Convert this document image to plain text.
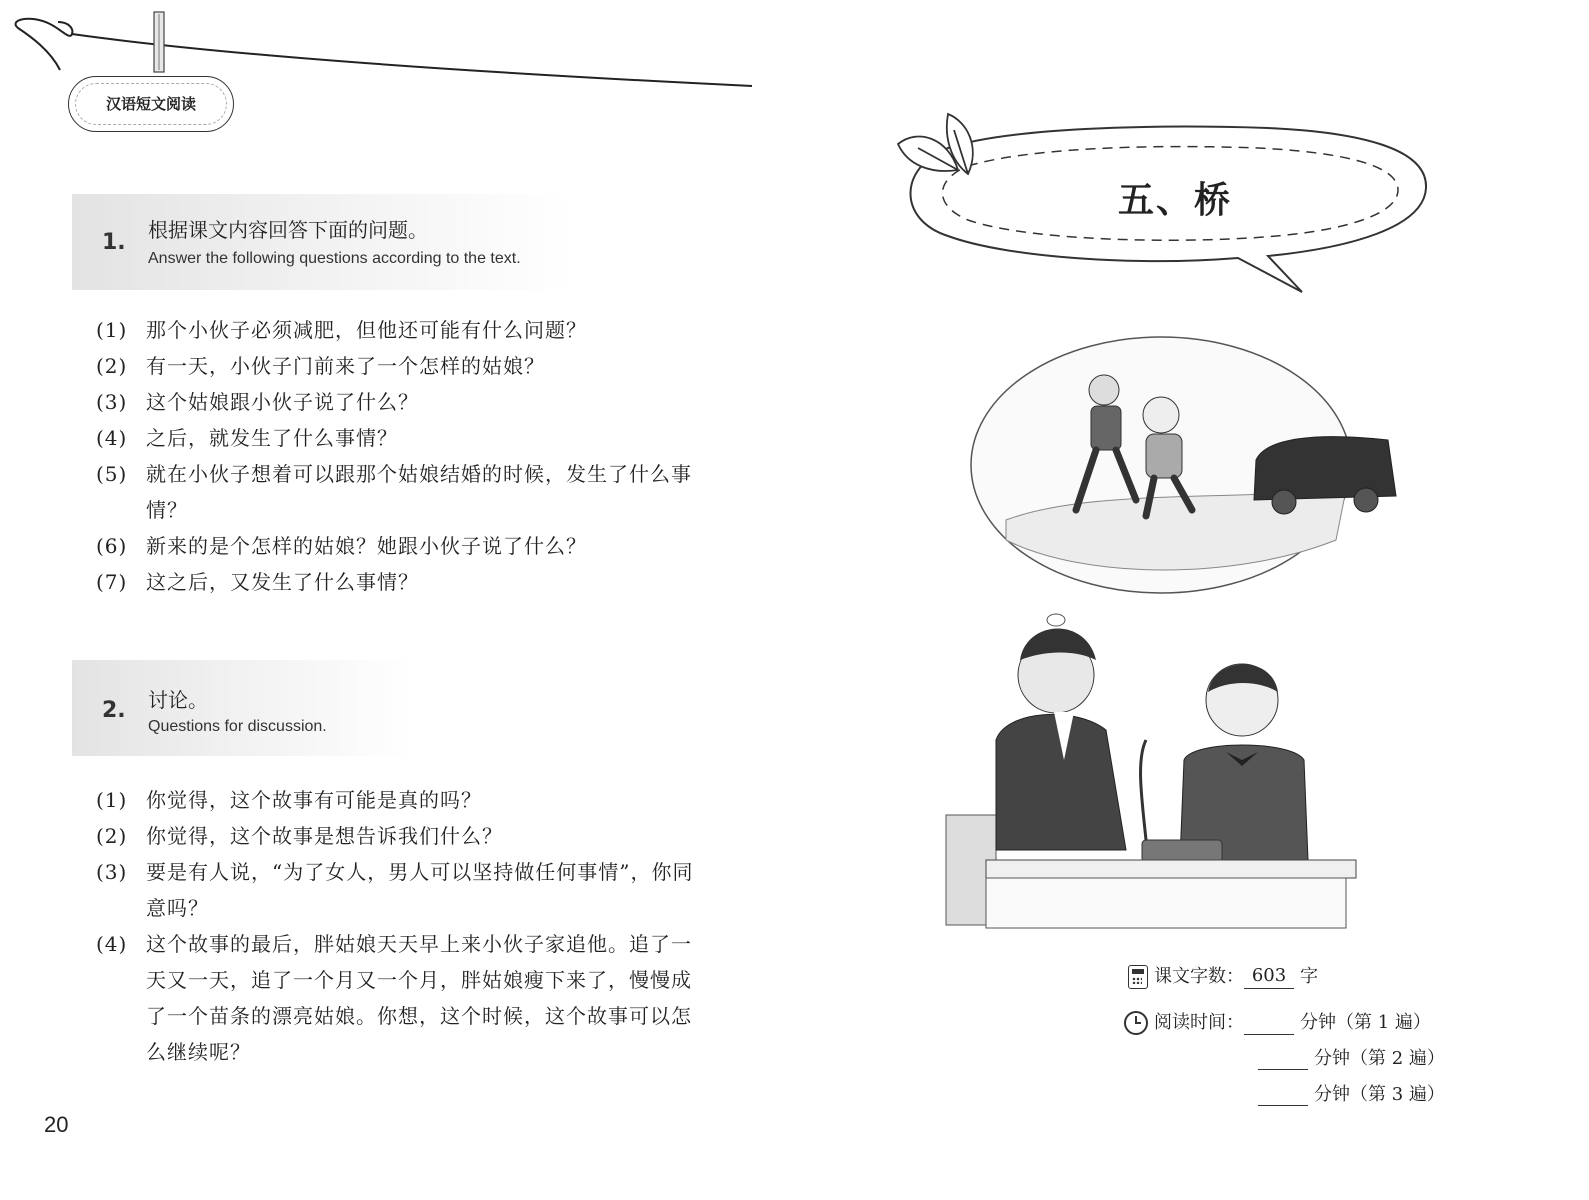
汉语短文阅读
1. 根据课文内容回答下面的问题。
Answer the following questions according to the text.
(1) 那个小伙子必须减肥，但他还可能有什么问题？
(2) 有一天，小伙子门前来了一个怎样的姑娘？
(3) 这个姑娘跟小伙子说了什么？
(4) 之后，就发生了什么事情？
(5) 就在小伙子想着可以跟那个姑娘结婚的时候，发生了什么事情？
(6) 新来的是个怎样的姑娘？她跟小伙子说了什么？
(7) 这之后，又发生了什么事情？
2. 讨论。
Questions for discussion.
(1) 你觉得，这个故事有可能是真的吗？
(2) 你觉得，这个故事是想告诉我们什么？
(3) 要是有人说，“为了女人，男人可以坚持做任何事情”，你同意吗？
(4) 这个故事的最后，胖姑娘天天早上来小伙子家追他。追了一天又一天，追了一个月又一个月，胖姑娘瘦下来了，慢慢成了一个苗条的漂亮姑娘。你想，这个时候，这个故事可以怎么继续呢？
20
五、桥
课文字数： 603 字
阅读时间：	分钟（第 1 遍）
分钟（第 2 遍）
分钟（第 3 遍）
